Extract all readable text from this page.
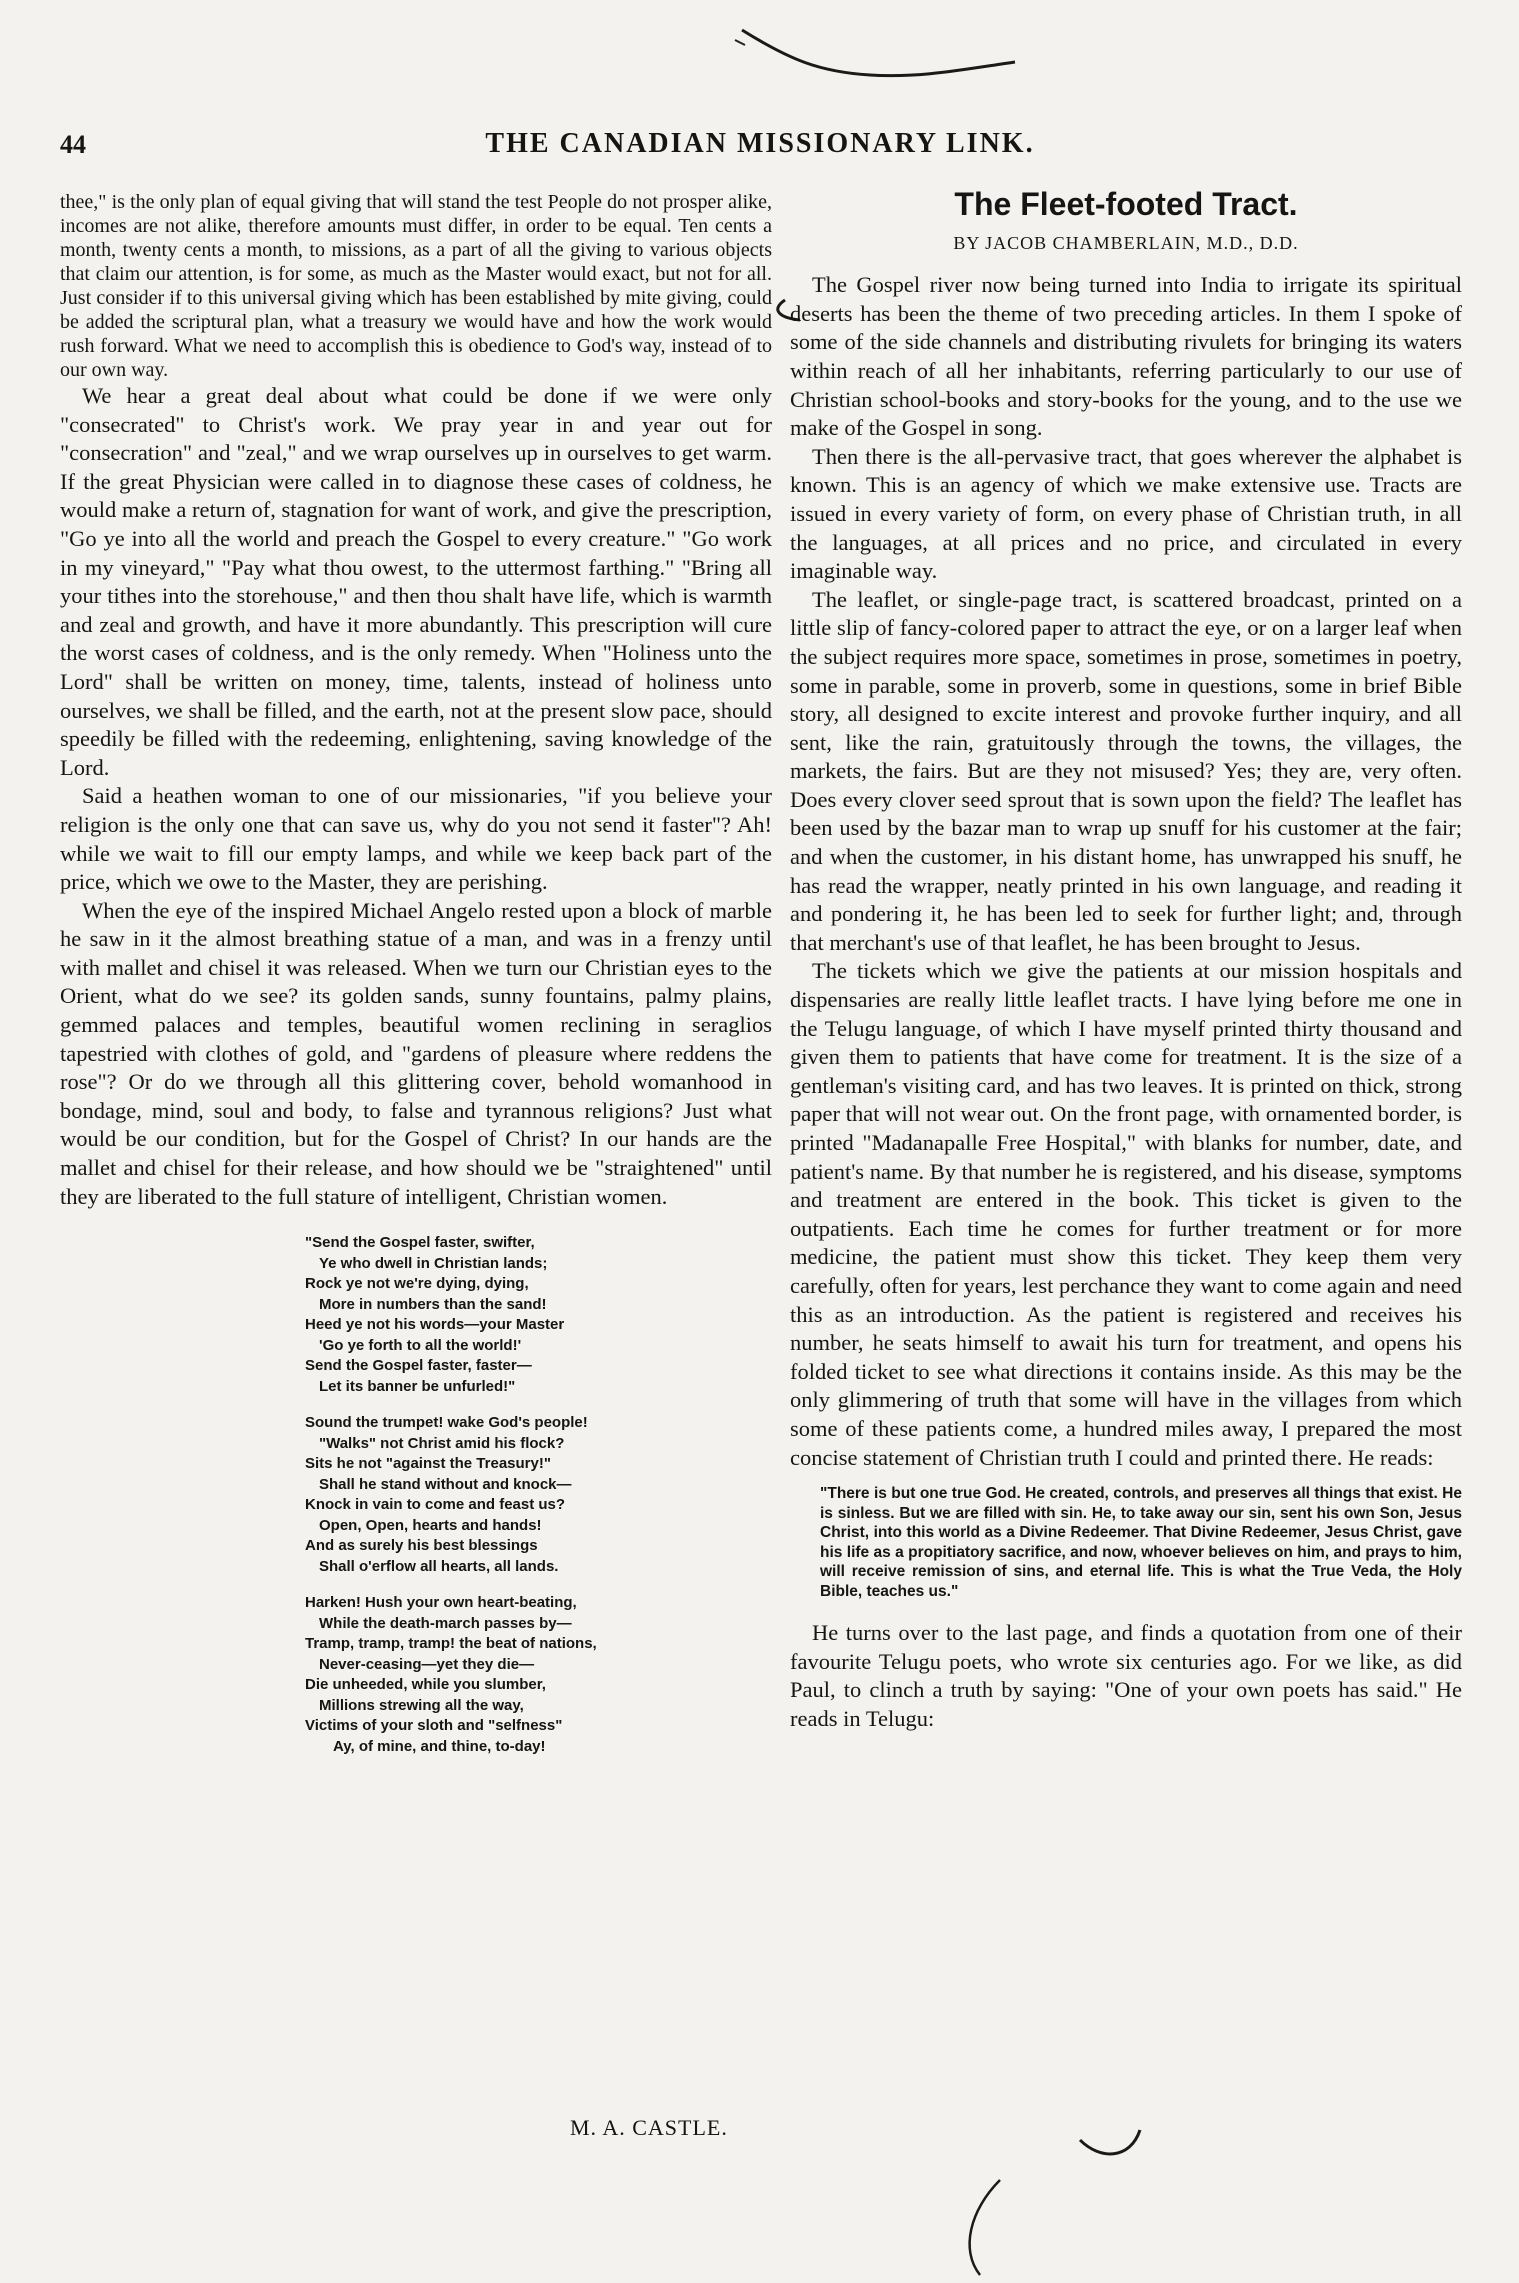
44	THE CANADIAN MISSIONARY LINK.

thee," is the only plan of equal giving that will stand the test People do not prosper alike, incomes are not alike, therefore amounts must differ, in order to be equal. Ten cents a month, twenty cents a month, to missions, as a part of all the giving to various objects that claim our attention, is for some, as much as the Master would exact, but not for all. Just consider if to this universal giving which has been established by mite giving, could be added the scriptural plan, what a treasury we would have and how the work would rush forward. What we need to accomplish this is obedience to God's way, instead of to our own way.

We hear a great deal about what could be done if we were only "consecrated" to Christ's work. We pray year in and year out for "consecration" and "zeal," and we wrap ourselves up in ourselves to get warm. If the great Physician were called in to diagnose these cases of coldness, he would make a return of, stagnation for want of work, and give the prescription, "Go ye into all the world and preach the Gospel to every creature." "Go work in my vineyard," "Pay what thou owest, to the uttermost farthing." "Bring all your tithes into the storehouse," and then thou shalt have life, which is warmth and zeal and growth, and have it more abundantly. This prescription will cure the worst cases of coldness, and is the only remedy. When "Holiness unto the Lord" shall be written on money, time, talents, instead of holiness unto ourselves, we shall be filled, and the earth, not at the present slow pace, should speedily be filled with the redeeming, enlightening, saving knowledge of the Lord.

Said a heathen woman to one of our missionaries, "if you believe your religion is the only one that can save us, why do you not send it faster"? Ah! while we wait to fill our empty lamps, and while we keep back part of the price, which we owe to the Master, they are perishing.

When the eye of the inspired Michael Angelo rested upon a block of marble he saw in it the almost breathing statue of a man, and was in a frenzy until with mallet and chisel it was released. When we turn our Christian eyes to the Orient, what do we see? its golden sands, sunny fountains, palmy plains, gemmed palaces and temples, beautiful women reclining in seraglios tapestried with clothes of gold, and "gardens of pleasure where reddens the rose"? Or do we through all this glittering cover, behold womanhood in bondage, mind, soul and body, to false and tyrannous religions? Just what would be our condition, but for the Gospel of Christ? In our hands are the mallet and chisel for their release, and how should we be "straightened" until they are liberated to the full stature of intelligent, Christian women.

"Send the Gospel faster, swifter,
Ye who dwell in Christian lands;
Rock ye not we're dying, dying,
More in numbers than the sand!
Heed ye not his words—your Master
'Go ye forth to all the world!'
Send the Gospel faster, faster—
Let its banner be unfurled!"
Sound the trumpet! wake God's people!
"Walks" not Christ amid his flock?
Sits he not "against the Treasury!"
Shall he stand without and knock—
Knock in vain to come and feast us?
Open, Open, hearts and hands!
And as surely his best blessings
Shall o'erflow all hearts, all lands.
Harken! Hush your own heart-beating,
While the death-march passes by—
Tramp, tramp, tramp! the beat of nations,
Never-ceasing—yet they die—
Die unheeded, while you slumber,
Millions strewing all the way,
Victims of your sloth and "selfness"
Ay, of mine, and thine, to-day!
M. A. CASTLE.
The Fleet-footed Tract.
BY JACOB CHAMBERLAIN, M.D., D.D.

The Gospel river now being turned into India to irrigate its spiritual deserts has been the theme of two preceding articles. In them I spoke of some of the side channels and distributing rivulets for bringing its waters within reach of all her inhabitants, referring particularly to our use of Christian school-books and story-books for the young, and to the use we make of the Gospel in song.

Then there is the all-pervasive tract, that goes wherever the alphabet is known. This is an agency of which we make extensive use. Tracts are issued in every variety of form, on every phase of Christian truth, in all the languages, at all prices and no price, and circulated in every imaginable way.

The leaflet, or single-page tract, is scattered broadcast, printed on a little slip of fancy-colored paper to attract the eye, or on a larger leaf when the subject requires more space, sometimes in prose, sometimes in poetry, some in parable, some in proverb, some in questions, some in brief Bible story, all designed to excite interest and provoke further inquiry, and all sent, like the rain, gratuitously through the towns, the villages, the markets, the fairs. But are they not misused? Yes; they are, very often. Does every clover seed sprout that is sown upon the field? The leaflet has been used by the bazar man to wrap up snuff for his customer at the fair; and when the customer, in his distant home, has unwrapped his snuff, he has read the wrapper, neatly printed in his own language, and reading it and pondering it, he has been led to seek for further light; and, through that merchant's use of that leaflet, he has been brought to Jesus.

The tickets which we give the patients at our mission hospitals and dispensaries are really little leaflet tracts. I have lying before me one in the Telugu language, of which I have myself printed thirty thousand and given them to patients that have come for treatment. It is the size of a gentleman's visiting card, and has two leaves. It is printed on thick, strong paper that will not wear out. On the front page, with ornamented border, is printed "Madanapalle Free Hospital," with blanks for number, date, and patient's name. By that number he is registered, and his disease, symptoms and treatment are entered in the book. This ticket is given to the outpatients. Each time he comes for further treatment or for more medicine, the patient must show this ticket. They keep them very carefully, often for years, lest perchance they want to come again and need this as an introduction. As the patient is registered and receives his number, he seats himself to await his turn for treatment, and opens his folded ticket to see what directions it contains inside. As this may be the only glimmering of truth that some will have in the villages from which some of these patients come, a hundred miles away, I prepared the most concise statement of Christian truth I could and printed there. He reads:

"There is but one true God. He created, controls, and preserves all things that exist. He is sinless. But we are filled with sin. He, to take away our sin, sent his own Son, Jesus Christ, into this world as a Divine Redeemer. That Divine Redeemer, Jesus Christ, gave his life as a propitiatory sacrifice, and now, whoever believes on him, and prays to him, will receive remission of sins, and eternal life. This is what the True Veda, the Holy Bible, teaches us."

He turns over to the last page, and finds a quotation from one of their favourite Telugu poets, who wrote six centuries ago. For we like, as did Paul, to clinch a truth by saying: "One of your own poets has said." He reads in Telugu:
